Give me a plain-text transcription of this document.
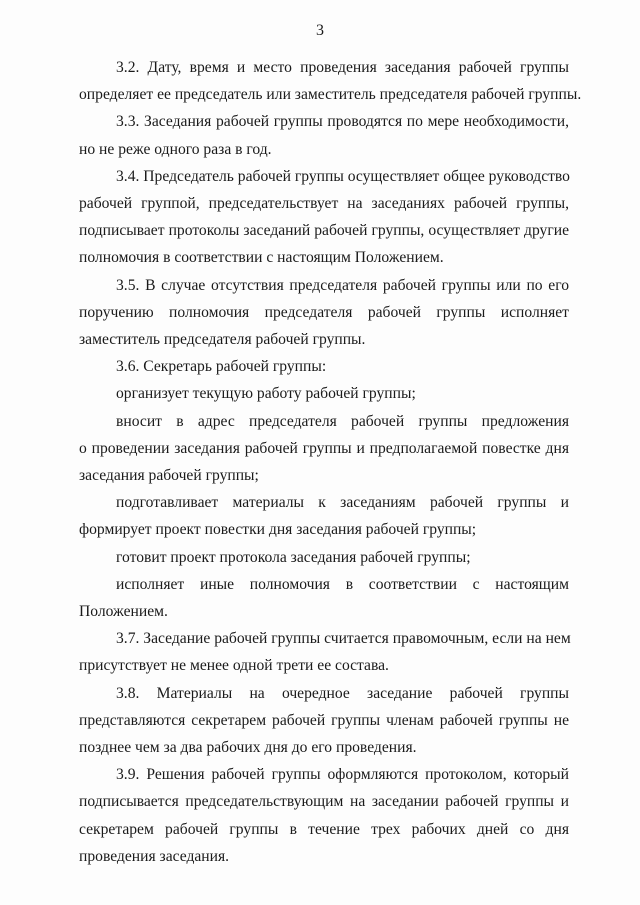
3

3.2. Дату, время и место проведения заседания рабочей группы
определяет ее председатель или заместитель председателя рабочей группы.

3.3. Заседания рабочей группы проводятся по мере необходимости,
но не реже одного раза в год.

3.4. Председатель рабочей группы осуществляет общее руководство
рабочей группой, председательствует на заседаниях рабочей группы,
подписывает протоколы заседаний рабочей группы, осуществляет другие
полномочия в соответствии с настоящим Положением.

3.5. В случае отсутствия председателя рабочей группы или по его
поручению полномочия председателя рабочей группы исполняет
заместитель председателя рабочей группы.

3.6. Секретарь рабочей группы:

организует текущую работу рабочей группы;

вносит в адрес председателя рабочей группы предложения
о проведении заседания рабочей группы и предполагаемой повестке дня
заседания рабочей группы;

подготавливает материалы к заседаниям рабочей группы и
формирует проект повестки дня заседания рабочей группы;

готовит проект протокола заседания рабочей группы;

исполняет иные полномочия в соответствии с настоящим
Положением.

3.7. Заседание рабочей группы считается правомочным, если на нем
присутствует не менее одной трети ее состава.

3.8. Материалы на очередное заседание рабочей группы
представляются секретарем рабочей группы членам рабочей группы не
позднее чем за два рабочих дня до его проведения.

3.9. Решения рабочей группы оформляются протоколом, который
подписывается председательствующим на заседании рабочей группы и
секретарем рабочей группы в течение трех рабочих дней со дня
проведения заседания.
